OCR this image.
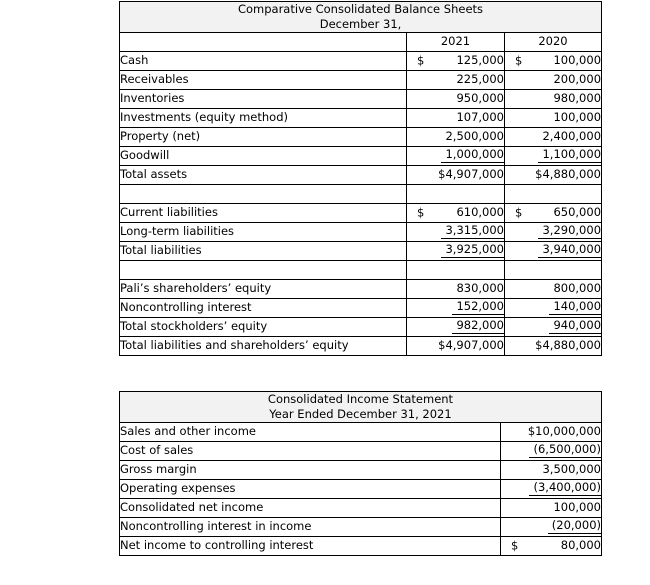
Comparative Consolidated Balance Sheets
December 31,		

	2021	2020
Cash	$ 125,000	$ 100,000
Receivables	225,000	200,000
Inventories	950,000	980,000
Investments (equity method)	107,000	100,000
Property (net)	2,500,000	2,400,000
Goodwill	1,000,000	1,100,000
Total assets	$4,907,000	$4,880,000

Current liabilities	$ 610,000	$ 650,000
Long-term liabilities	3,315,000	3,290,000
Total liabilities	3,925,000	3,940,000

Pali’s shareholders’ equity	830,000	800,000
Noncontrolling interest	152,000	140,000
Total stockholders’ equity	982,000	940,000
Total liabilities and shareholders’ equity	$4,907,000	$4,880,000
Consolidated Income Statement
Year Ended December 31, 2021	

Sales and other income	$10,000,000
Cost of sales	(6,500,000)
Gross margin	3,500,000
Operating expenses	(3,400,000)
Consolidated net income	100,000
Noncontrolling interest in income	(20,000)
Net income to controlling interest	$ 80,000
